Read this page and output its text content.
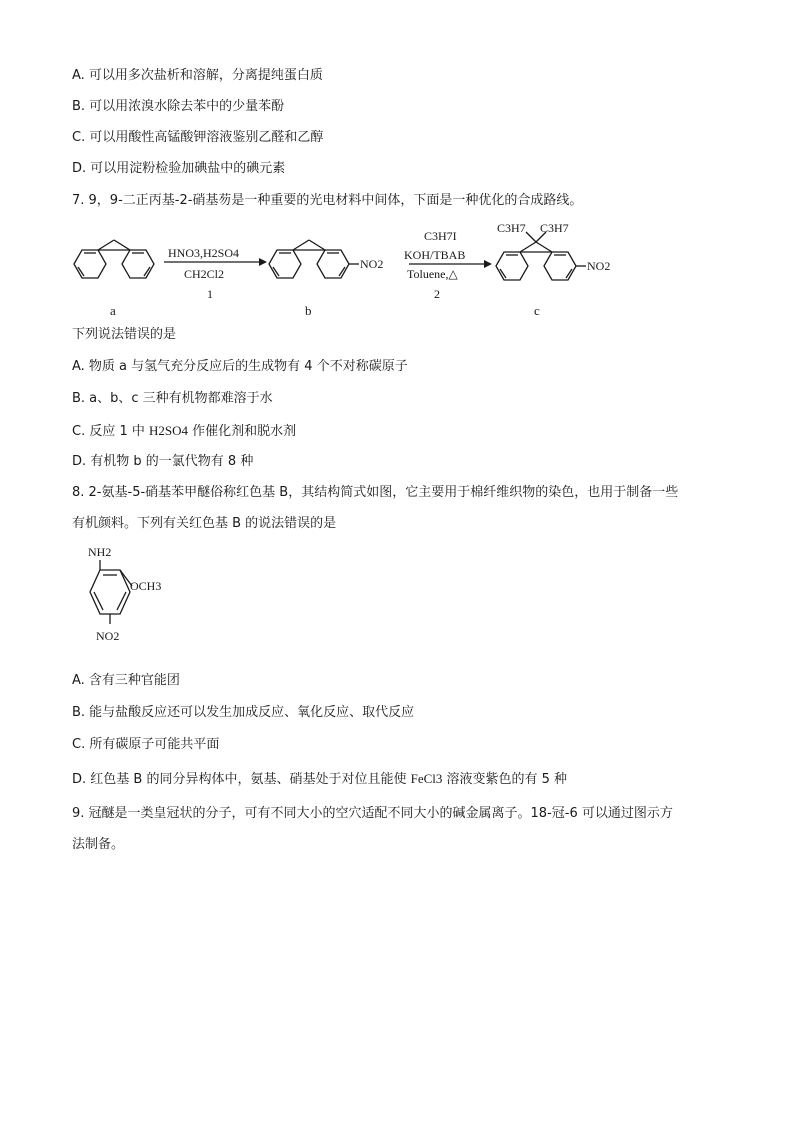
A. 可以用多次盐析和溶解，分离提纯蛋白质
B. 可以用浓溴水除去苯中的少量苯酚
C. 可以用酸性高锰酸钾溶液鉴别乙醛和乙醇
D. 可以用淀粉检验加碘盐中的碘元素
7. 9，9-二正丙基-2-硝基芴是一种重要的光电材料中间体，下面是一种优化的合成路线。
a
HNO3,H2SO4
CH2Cl2
1
NO2
b
C3H7I
KOH/TBAB
Toluene,△
2
C3H7 C3H7
NO2
c
下列说法错误的是
A. 物质 a 与氢气充分反应后的生成物有 4 个不对称碳原子
B. a、b、c 三种有机物都难溶于水
C. 反应 1 中 H2SO4 作催化剂和脱水剂
D. 有机物 b 的一氯代物有 8 种
8. 2-氨基-5-硝基苯甲醚俗称红色基 B，其结构简式如图，它主要用于棉纤维织物的染色，也用于制备一些
有机颜料。下列有关红色基 B 的说法错误的是
NH2
OCH3
NO2
A. 含有三种官能团
B. 能与盐酸反应还可以发生加成反应、氧化反应、取代反应
C. 所有碳原子可能共平面
D. 红色基 B 的同分异构体中，氨基、硝基处于对位且能使 FeCl3 溶液变紫色的有 5 种
9. 冠醚是一类皇冠状的分子，可有不同大小的空穴适配不同大小的碱金属离子。18-冠-6 可以通过图示方
法制备。
